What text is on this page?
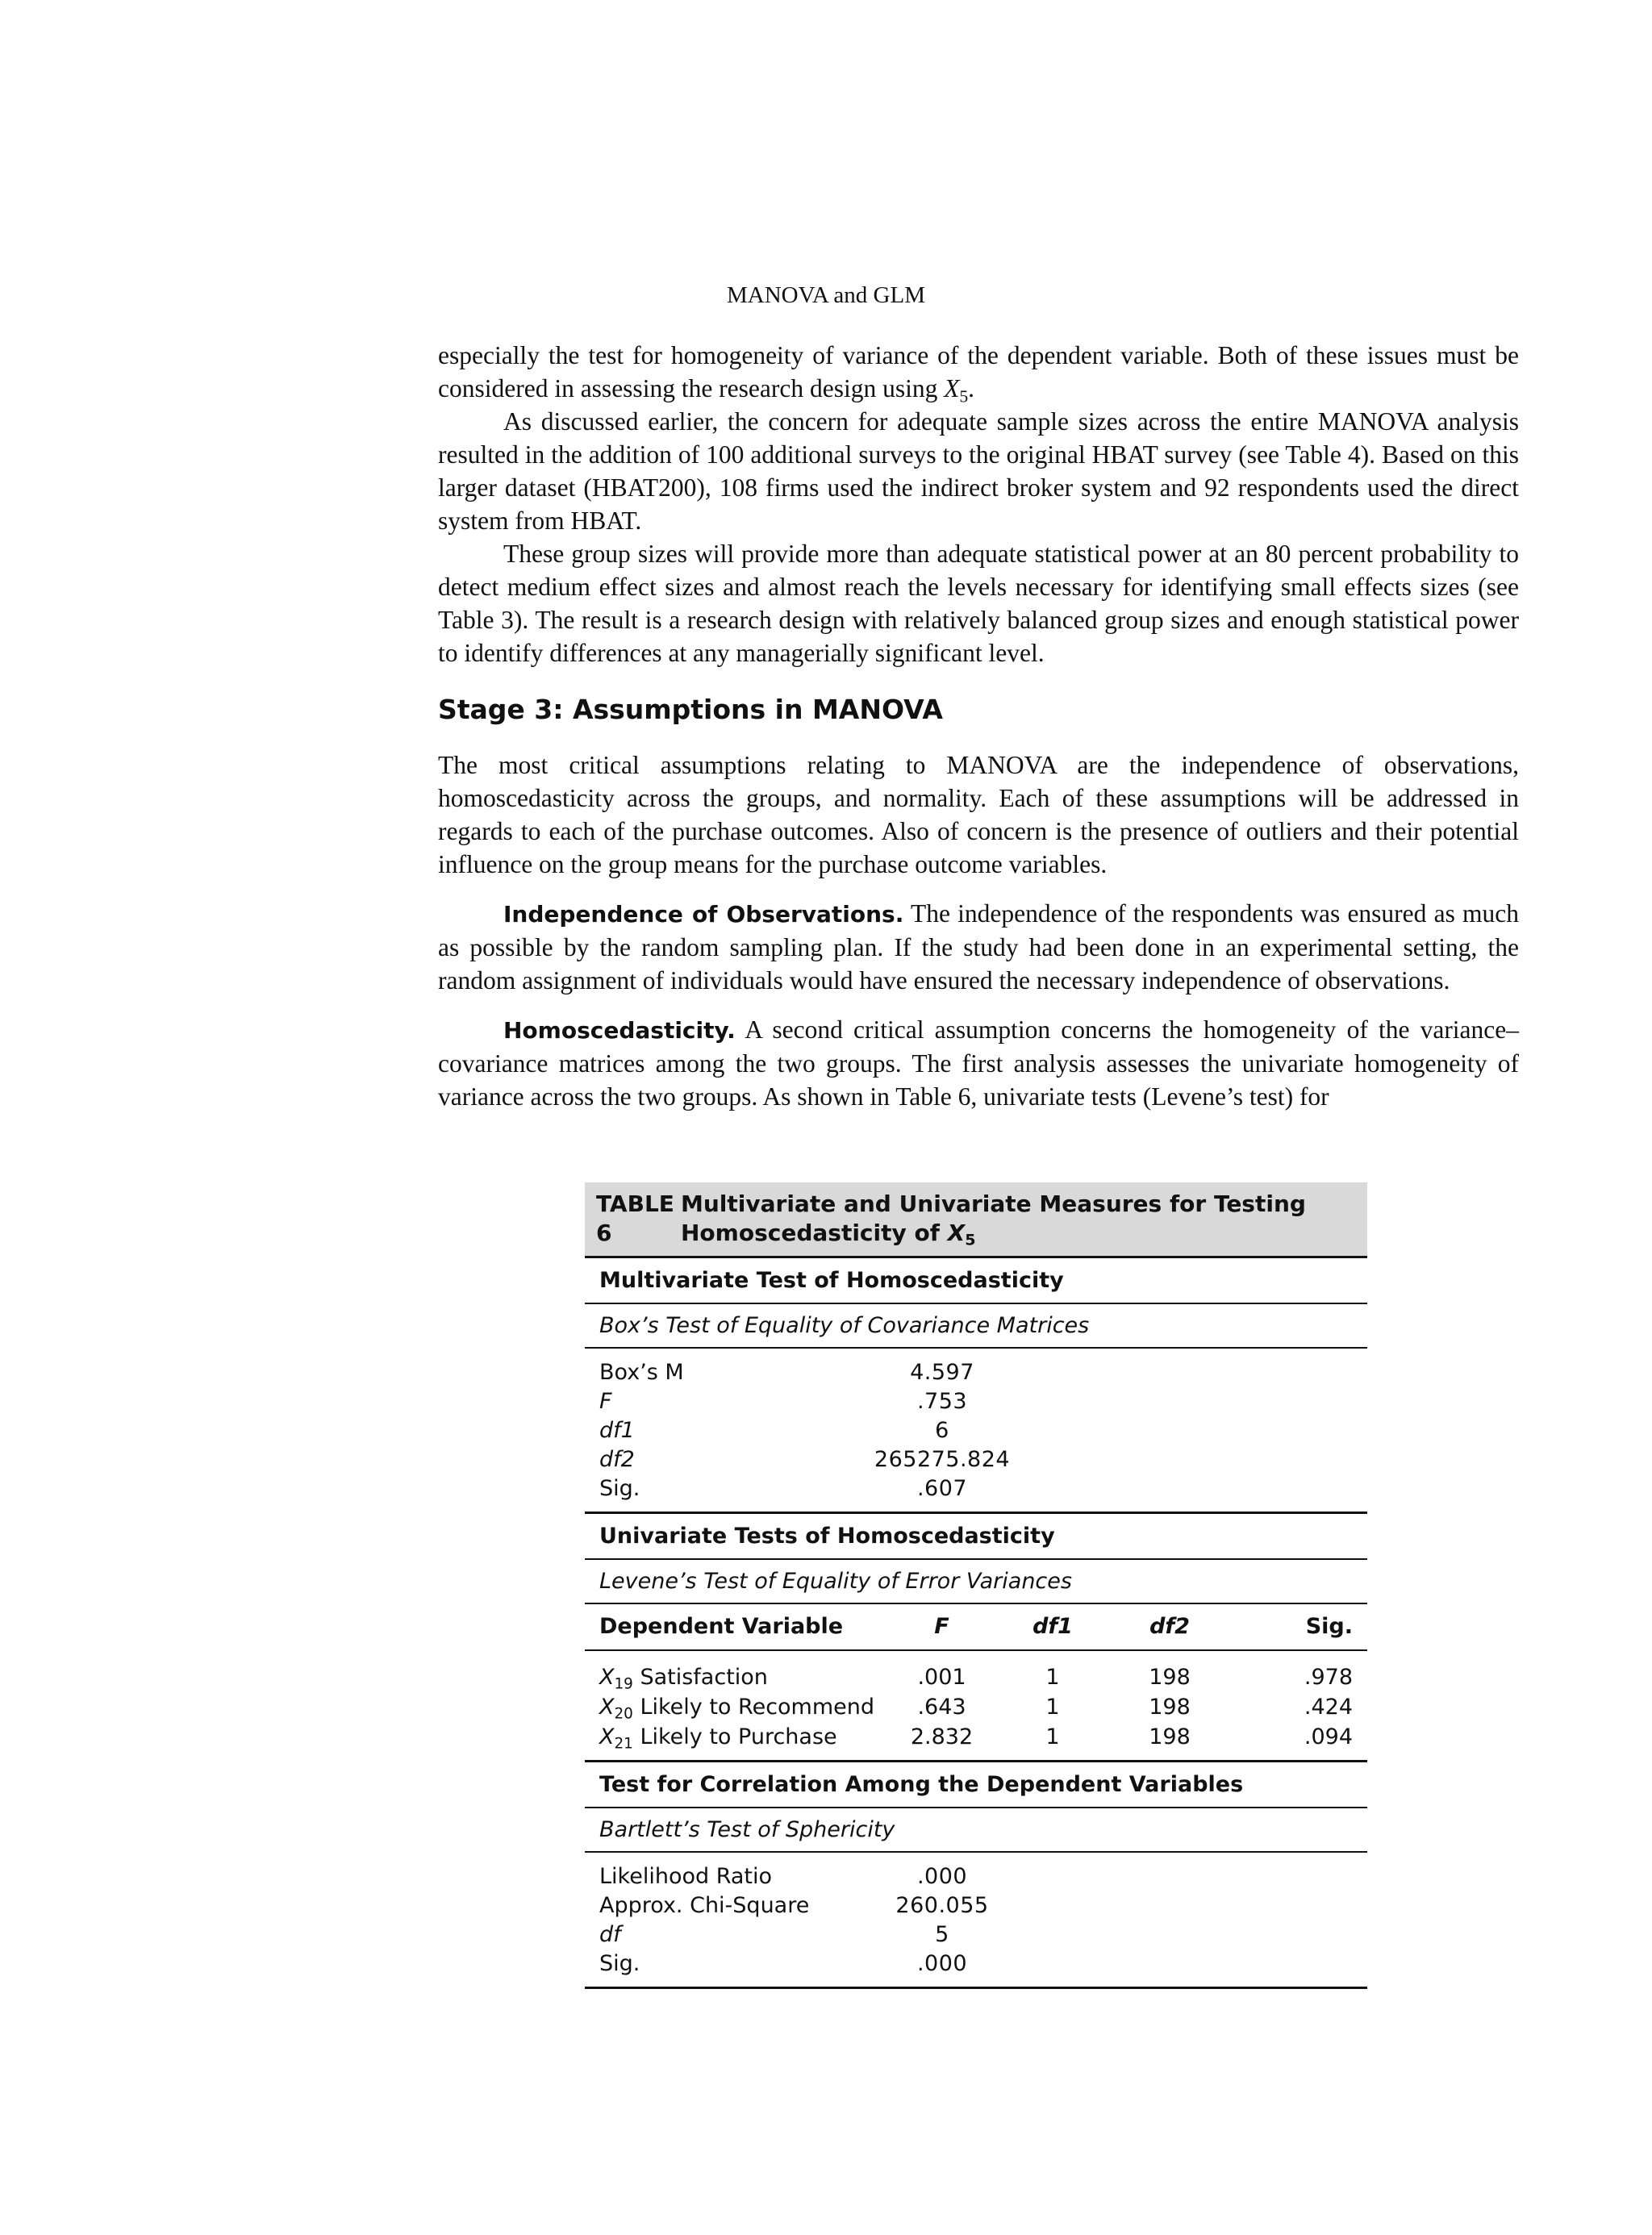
MANOVA and GLM

especially the test for homogeneity of variance of the dependent variable. Both of these issues must be considered in assessing the research design using $X_5$.

As discussed earlier, the concern for adequate sample sizes across the entire MANOVA analysis resulted in the addition of 100 additional surveys to the original HBAT survey (see Table 4). Based on this larger dataset (HBAT200), 108 firms used the indirect broker system and 92 respondents used the direct system from HBAT.

These group sizes will provide more than adequate statistical power at an 80 percent probability to detect medium effect sizes and almost reach the levels necessary for identifying small effects sizes (see Table 3). The result is a research design with relatively balanced group sizes and enough statistical power to identify differences at any managerially significant level.

Stage 3: Assumptions in MANOVA

The most critical assumptions relating to MANOVA are the independence of observations, homoscedasticity across the groups, and normality. Each of these assumptions will be addressed in regards to each of the purchase outcomes. Also of concern is the presence of outliers and their potential influence on the group means for the purchase outcome variables.

Independence of Observations. The independence of the respondents was ensured as much as possible by the random sampling plan. If the study had been done in an experimental setting, the random assignment of individuals would have ensured the necessary independence of observations.

Homoscedasticity. A second critical assumption concerns the homogeneity of the variance–covariance matrices among the two groups. The first analysis assesses the univariate homogeneity of variance across the two groups. As shown in Table 6, univariate tests (Levene’s test) for

TABLE 6
Multivariate and Univariate Measures for Testing
Homoscedasticity of $X_5$
Multivariate Test of Homoscedasticity
Box’s Test of Equality of Covariance Matrices
Box’s M	4.597
F	.753
df1	6
df2	265275.824
Sig.	.607
Univariate Tests of Homoscedasticity
Levene’s Test of Equality of Error Variances
Dependent Variable	F	df1	df2	Sig.
$X_{19}$ Satisfaction	.001	1	198	.978
$X_{20}$ Likely to Recommend	.643	1	198	.424
$X_{21}$ Likely to Purchase	2.832	1	198	.094
Test for Correlation Among the Dependent Variables
Bartlett’s Test of Sphericity
Likelihood Ratio	.000
Approx. Chi-Square	260.055
df	5
Sig.	.000
